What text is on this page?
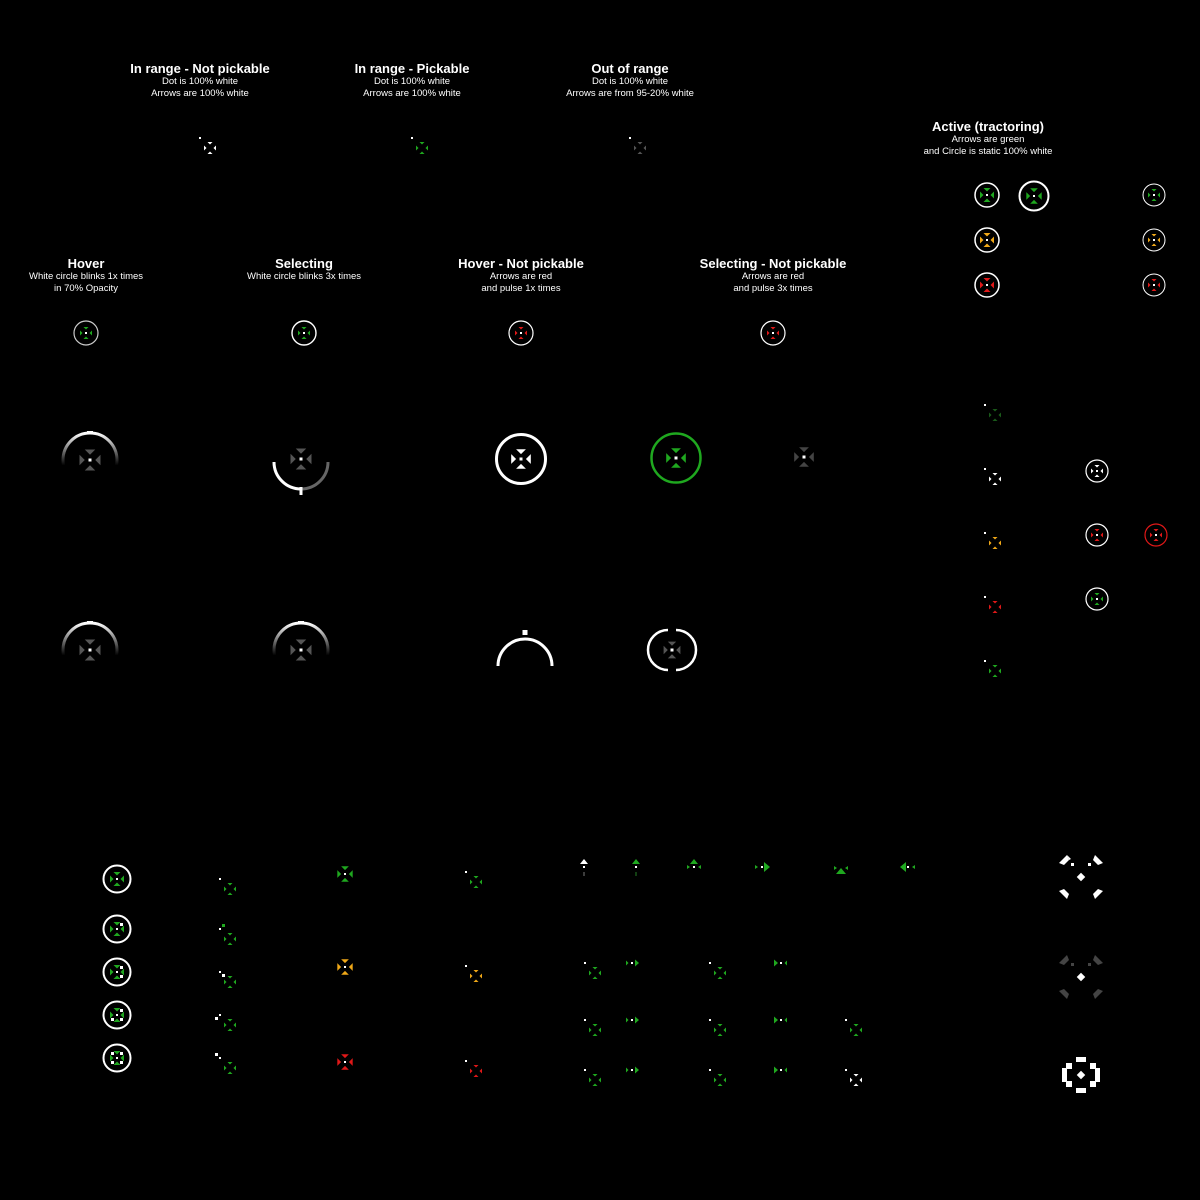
In range - Not pickable
Dot is 100% white
Arrows are 100% white
In range - Pickable
Dot is 100% white
Arrows are 100% white
Out of range
Dot is 100% white
Arrows are from 95-20% white
Active (tractoring)
Arrows are green
and Circle is static 100% white
Hover
White circle blinks 1x times
in 70% Opacity
Selecting
White circle blinks 3x times
Hover - Not pickable
Arrows are red
and pulse 1x times
Selecting - Not pickable
Arrows are red
and pulse 3x times
